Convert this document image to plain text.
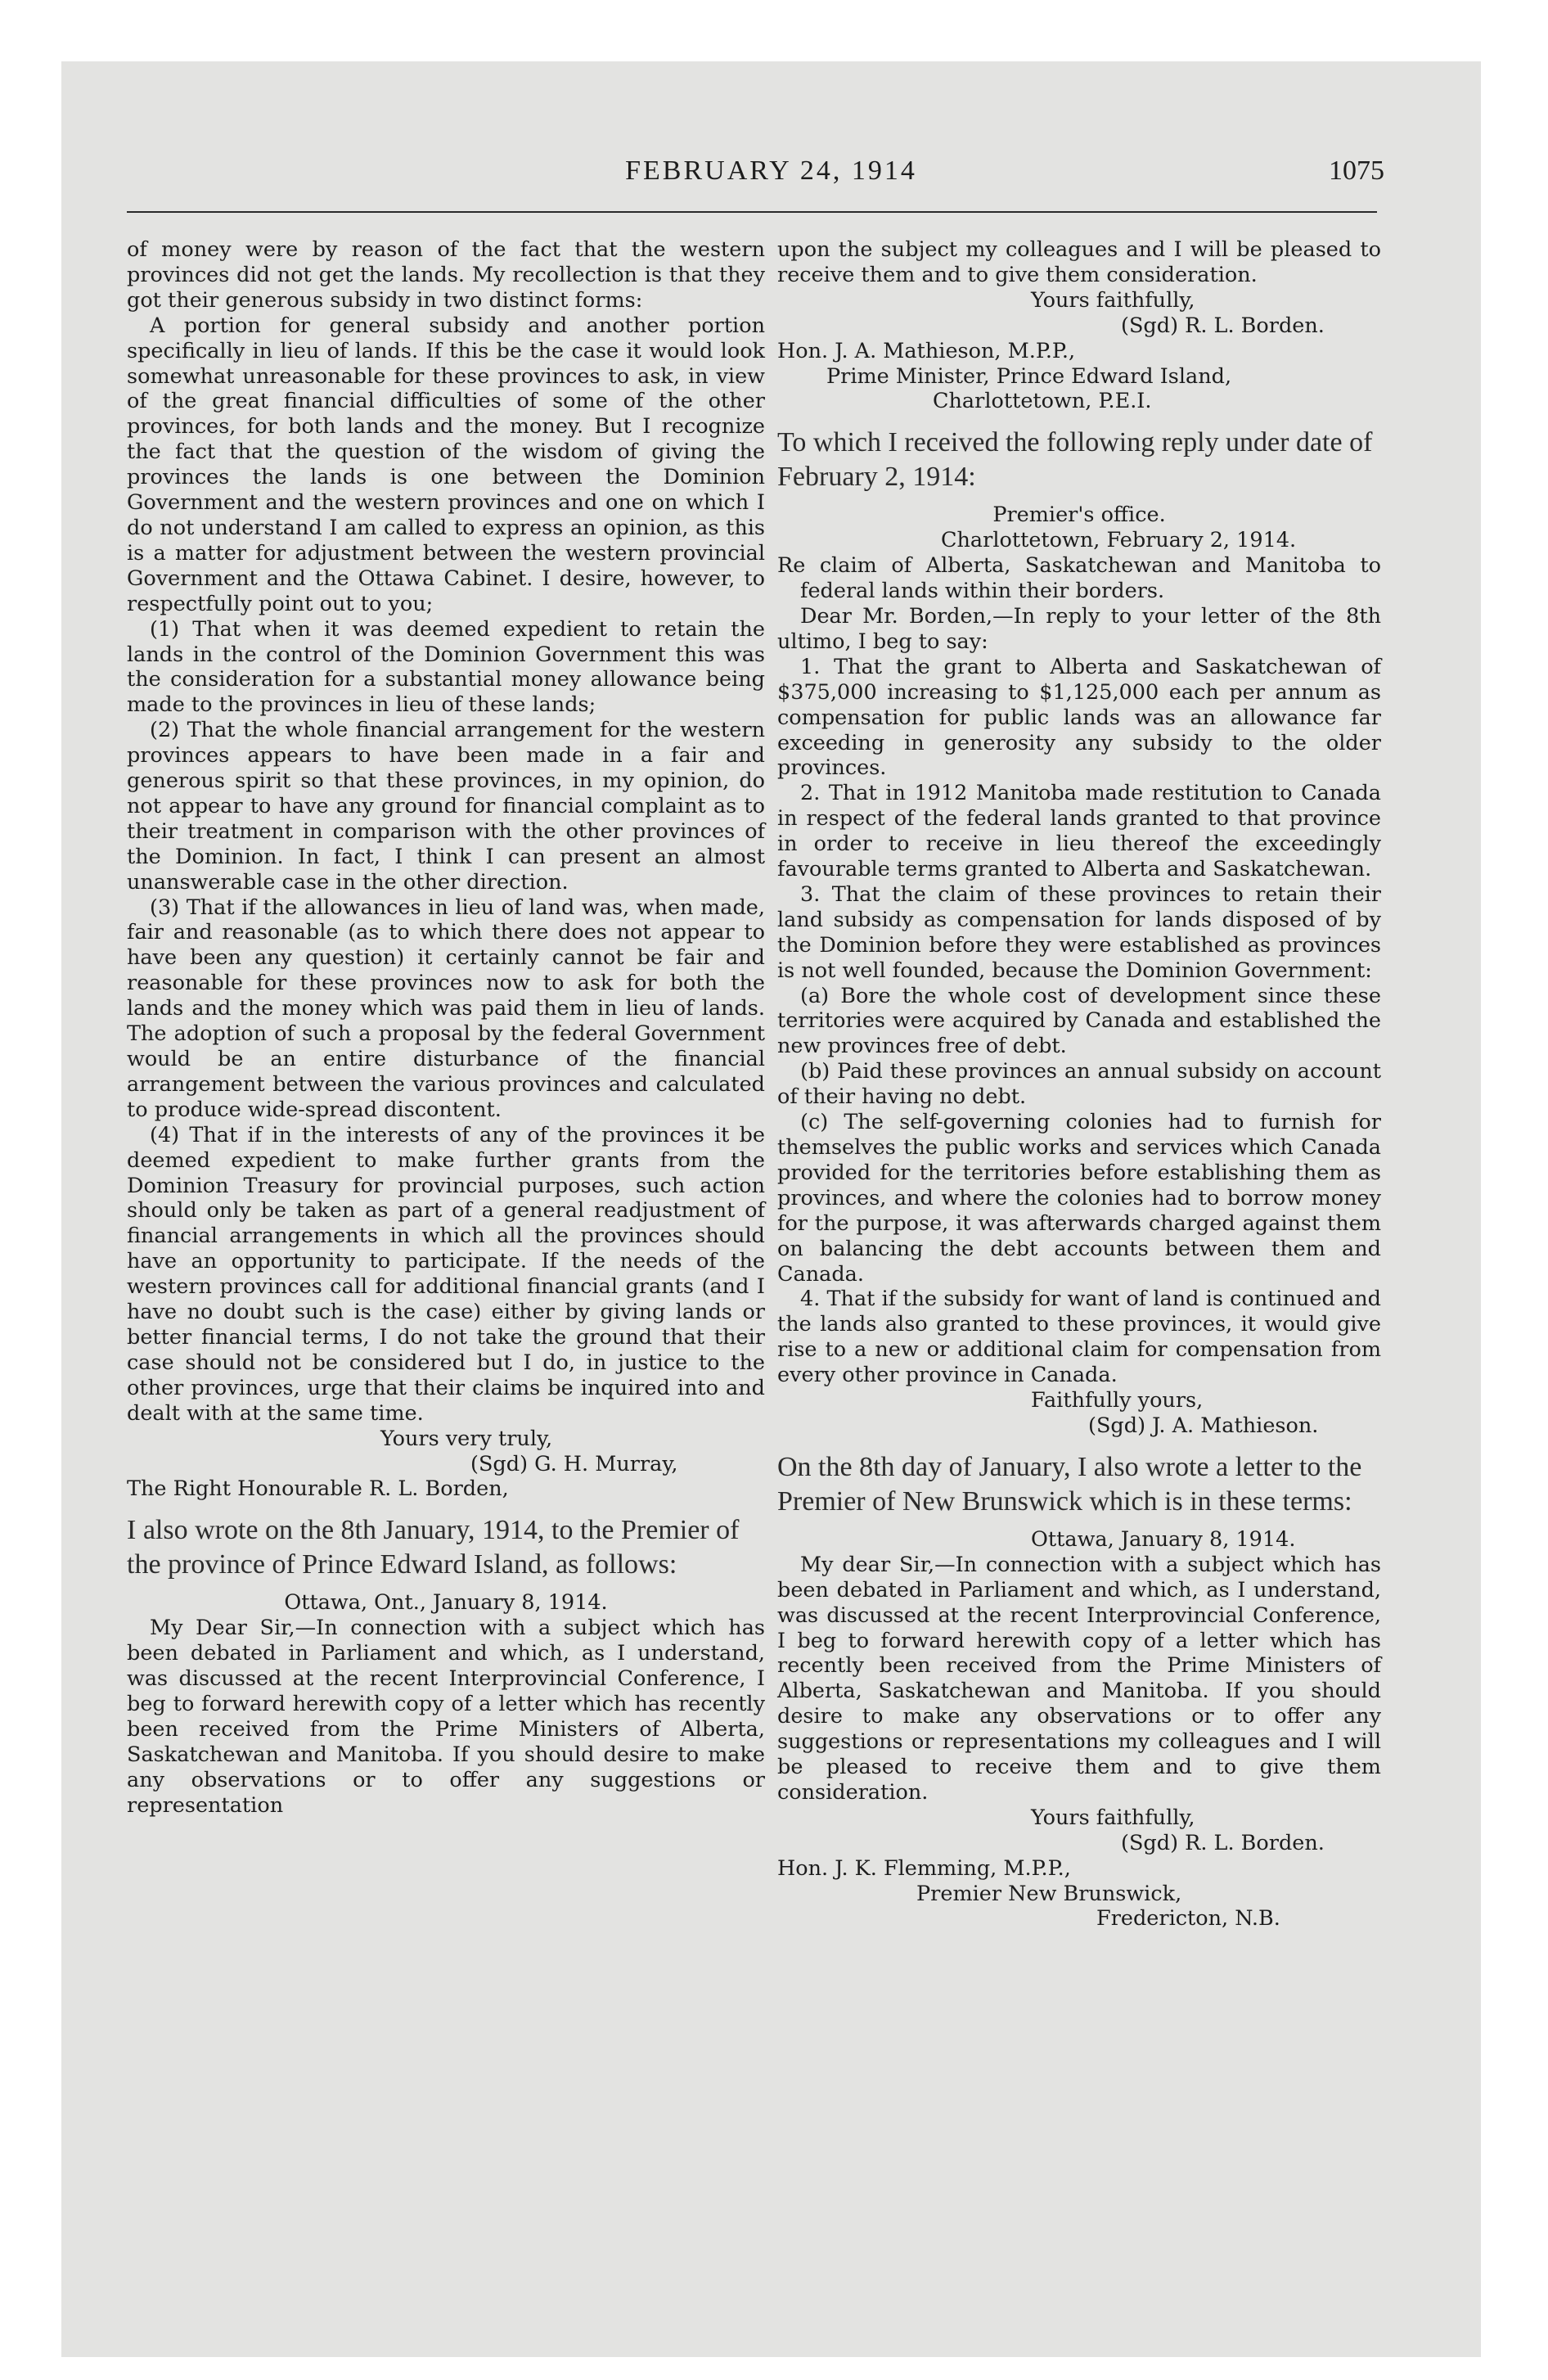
FEBRUARY 24, 1914	1075

of money were by reason of the fact that the western provinces did not get the lands. My recollection is that they got their generous subsidy in two distinct forms:

A portion for general subsidy and another portion specifically in lieu of lands. If this be the case it would look somewhat unreasonable for these provinces to ask, in view of the great financial difficulties of some of the other provinces, for both lands and the money. But I recognize the fact that the question of the wisdom of giving the provinces the lands is one between the Dominion Government and the western provinces and one on which I do not understand I am called to express an opinion, as this is a matter for adjustment between the western provincial Government and the Ottawa Cabinet. I desire, however, to respectfully point out to you;

(1) That when it was deemed expedient to retain the lands in the control of the Dominion Government this was the consideration for a substantial money allowance being made to the provinces in lieu of these lands;

(2) That the whole financial arrangement for the western provinces appears to have been made in a fair and generous spirit so that these provinces, in my opinion, do not appear to have any ground for financial complaint as to their treatment in comparison with the other provinces of the Dominion. In fact, I think I can present an almost unanswerable case in the other direction.

(3) That if the allowances in lieu of land was, when made, fair and reasonable (as to which there does not appear to have been any question) it certainly cannot be fair and reasonable for these provinces now to ask for both the lands and the money which was paid them in lieu of lands. The adoption of such a proposal by the federal Government would be an entire disturbance of the financial arrangement between the various provinces and calculated to produce wide-spread discontent.

(4) That if in the interests of any of the provinces it be deemed expedient to make further grants from the Dominion Treasury for provincial purposes, such action should only be taken as part of a general readjustment of financial arrangements in which all the provinces should have an opportunity to participate. If the needs of the western provinces call for additional financial grants (and I have no doubt such is the case) either by giving lands or better financial terms, I do not take the ground that their case should not be considered but I do, in justice to the other provinces, urge that their claims be inquired into and dealt with at the same time.

Yours very truly,

(Sgd) G. H. Murray,

The Right Honourable R. L. Borden,

I also wrote on the 8th January, 1914, to the Premier of the province of Prince Edward Island, as follows:

Ottawa, Ont., January 8, 1914.

My Dear Sir,—In connection with a subject which has been debated in Parliament and which, as I understand, was discussed at the recent Interprovincial Conference, I beg to forward herewith copy of a letter which has recently been received from the Prime Ministers of Alberta, Saskatchewan and Manitoba. If you should desire to make any observations or to offer any suggestions or representation

upon the subject my colleagues and I will be pleased to receive them and to give them consideration.

Yours faithfully,

(Sgd) R. L. Borden.

Hon. J. A. Mathieson, M.P.P.,

Prime Minister, Prince Edward Island,

Charlottetown, P.E.I.

To which I received the following reply under date of February 2, 1914:

Premier's office.

Charlottetown, February 2, 1914.

Re claim of Alberta, Saskatchewan and Manitoba to federal lands within their borders.

Dear Mr. Borden,—In reply to your letter of the 8th ultimo, I beg to say:

1. That the grant to Alberta and Saskatchewan of $375,000 increasing to $1,125,000 each per annum as compensation for public lands was an allowance far exceeding in generosity any subsidy to the older provinces.

2. That in 1912 Manitoba made restitution to Canada in respect of the federal lands granted to that province in order to receive in lieu thereof the exceedingly favourable terms granted to Alberta and Saskatchewan.

3. That the claim of these provinces to retain their land subsidy as compensation for lands disposed of by the Dominion before they were established as provinces is not well founded, because the Dominion Government:

(a) Bore the whole cost of development since these territories were acquired by Canada and established the new provinces free of debt.

(b) Paid these provinces an annual subsidy on account of their having no debt.

(c) The self-governing colonies had to furnish for themselves the public works and services which Canada provided for the territories before establishing them as provinces, and where the colonies had to borrow money for the purpose, it was afterwards charged against them on balancing the debt accounts between them and Canada.

4. That if the subsidy for want of land is continued and the lands also granted to these provinces, it would give rise to a new or additional claim for compensation from every other province in Canada.

Faithfully yours,

(Sgd) J. A. Mathieson.

On the 8th day of January, I also wrote a letter to the Premier of New Brunswick which is in these terms:

Ottawa, January 8, 1914.

My dear Sir,—In connection with a subject which has been debated in Parliament and which, as I understand, was discussed at the recent Interprovincial Conference, I beg to forward herewith copy of a letter which has recently been received from the Prime Ministers of Alberta, Saskatchewan and Manitoba. If you should desire to make any observations or to offer any suggestions or representations my colleagues and I will be pleased to receive them and to give them consideration.

Yours faithfully,

(Sgd) R. L. Borden.

Hon. J. K. Flemming, M.P.P.,

Premier New Brunswick,

Fredericton, N.B.
